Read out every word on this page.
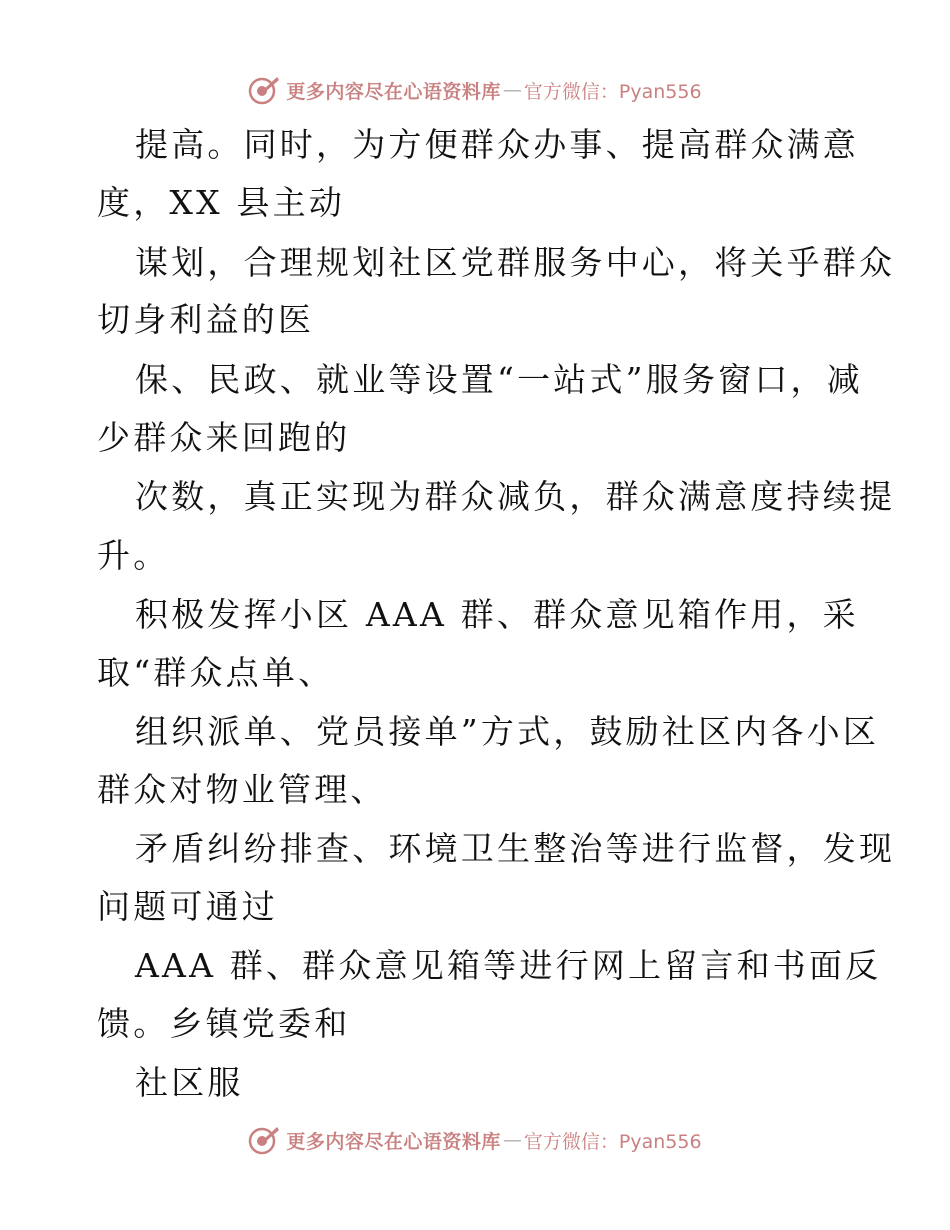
更多内容尽在心语资料库 — 官方微信：Pyan556
提高。同时，为方便群众办事、提高群众满意
度，XX 县主动
谋划，合理规划社区党群服务中心，将关乎群众
切身利益的医
保、民政、就业等设置“一站式”服务窗口，减
少群众来回跑的
次数，真正实现为群众减负，群众满意度持续提
升。
积极发挥小区 AAA 群、群众意见箱作用，采
取“群众点单、
组织派单、党员接单”方式，鼓励社区内各小区
群众对物业管理、
矛盾纠纷排查、环境卫生整治等进行监督，发现
问题可通过
AAA 群、群众意见箱等进行网上留言和书面反
馈。乡镇党委和
社区服
更多内容尽在心语资料库 — 官方微信：Pyan556
